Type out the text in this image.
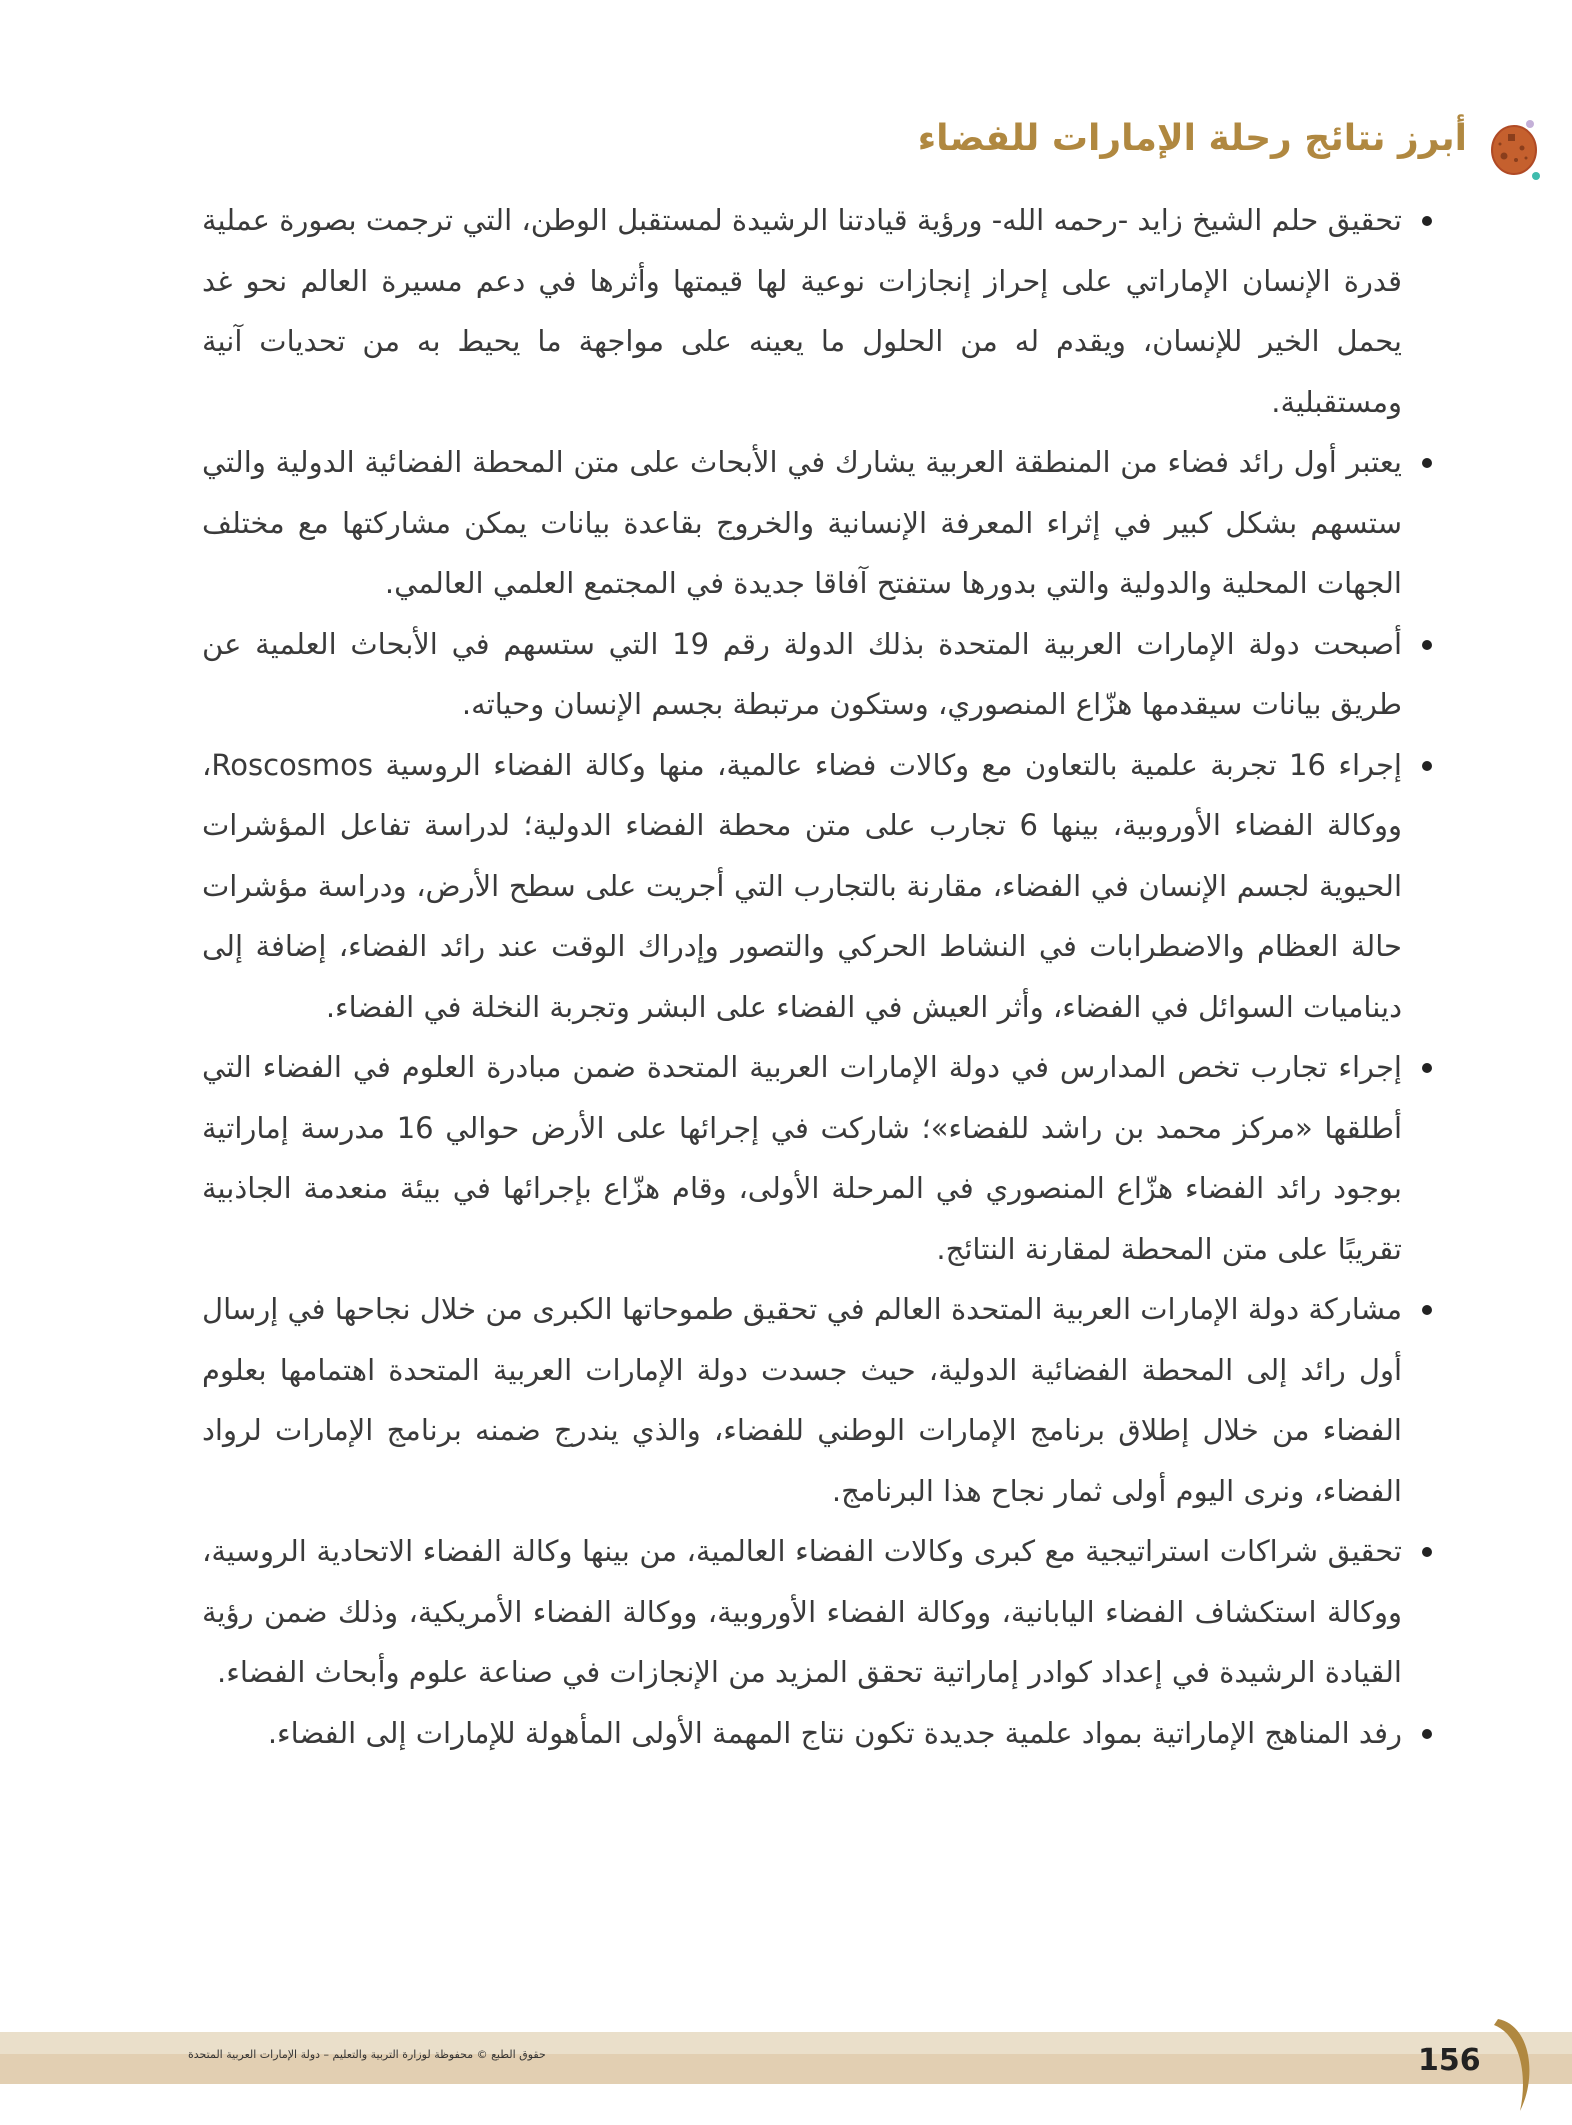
أبرز نتائج رحلة الإمارات للفضاء

تحقيق حلم الشيخ زايد -رحمه الله- ورؤية قيادتنا الرشيدة لمستقبل الوطن، التي ترجمت بصورة عملية قدرة الإنسان الإماراتي على إحراز إنجازات نوعية لها قيمتها وأثرها في دعم مسيرة العالم نحو غد يحمل الخير للإنسان، ويقدم له من الحلول ما يعينه على مواجهة ما يحيط به من تحديات آنية ومستقبلية.

يعتبر أول رائد فضاء من المنطقة العربية يشارك في الأبحاث على متن المحطة الفضائية الدولية والتي ستسهم بشكل كبير في إثراء المعرفة الإنسانية والخروج بقاعدة بيانات يمكن مشاركتها مع مختلف الجهات المحلية والدولية والتي بدورها ستفتح آفاقا جديدة في المجتمع العلمي العالمي.

أصبحت دولة الإمارات العربية المتحدة بذلك الدولة رقم 19 التي ستسهم في الأبحاث العلمية عن طريق بيانات سيقدمها هزّاع المنصوري، وستكون مرتبطة بجسم الإنسان وحياته.

إجراء 16 تجربة علمية بالتعاون مع وكالات فضاء عالمية، منها وكالة الفضاء الروسية Roscosmos، ووكالة الفضاء الأوروبية، بينها 6 تجارب على متن محطة الفضاء الدولية؛ لدراسة تفاعل المؤشرات الحيوية لجسم الإنسان في الفضاء، مقارنة بالتجارب التي أجريت على سطح الأرض، ودراسة مؤشرات حالة العظام والاضطرابات في النشاط الحركي والتصور وإدراك الوقت عند رائد الفضاء، إضافة إلى ديناميات السوائل في الفضاء، وأثر العيش في الفضاء على البشر وتجربة النخلة في الفضاء.

إجراء تجارب تخص المدارس في دولة الإمارات العربية المتحدة ضمن مبادرة العلوم في الفضاء التي أطلقها «مركز محمد بن راشد للفضاء»؛ شاركت في إجرائها على الأرض حوالي 16 مدرسة إماراتية بوجود رائد الفضاء هزّاع المنصوري في المرحلة الأولى، وقام هزّاع بإجرائها في بيئة منعدمة الجاذبية تقريبًا على متن المحطة لمقارنة النتائج.

مشاركة دولة الإمارات العربية المتحدة العالم في تحقيق طموحاتها الكبرى من خلال نجاحها في إرسال أول رائد إلى المحطة الفضائية الدولية، حيث جسدت دولة الإمارات العربية المتحدة اهتمامها بعلوم الفضاء من خلال إطلاق برنامج الإمارات الوطني للفضاء، والذي يندرج ضمنه برنامج الإمارات لرواد الفضاء، ونرى اليوم أولى ثمار نجاح هذا البرنامج.

تحقيق شراكات استراتيجية مع كبرى وكالات الفضاء العالمية، من بينها وكالة الفضاء الاتحادية الروسية، ووكالة استكشاف الفضاء اليابانية، ووكالة الفضاء الأوروبية، ووكالة الفضاء الأمريكية، وذلك ضمن رؤية القيادة الرشيدة في إعداد كوادر إماراتية تحقق المزيد من الإنجازات في صناعة علوم وأبحاث الفضاء.

رفد المناهج الإماراتية بمواد علمية جديدة تكون نتاج المهمة الأولى المأهولة للإمارات إلى الفضاء.

حقوق الطبع © محفوظة لوزارة التربية والتعليم – دولة الإمارات العربية المتحدة	156
